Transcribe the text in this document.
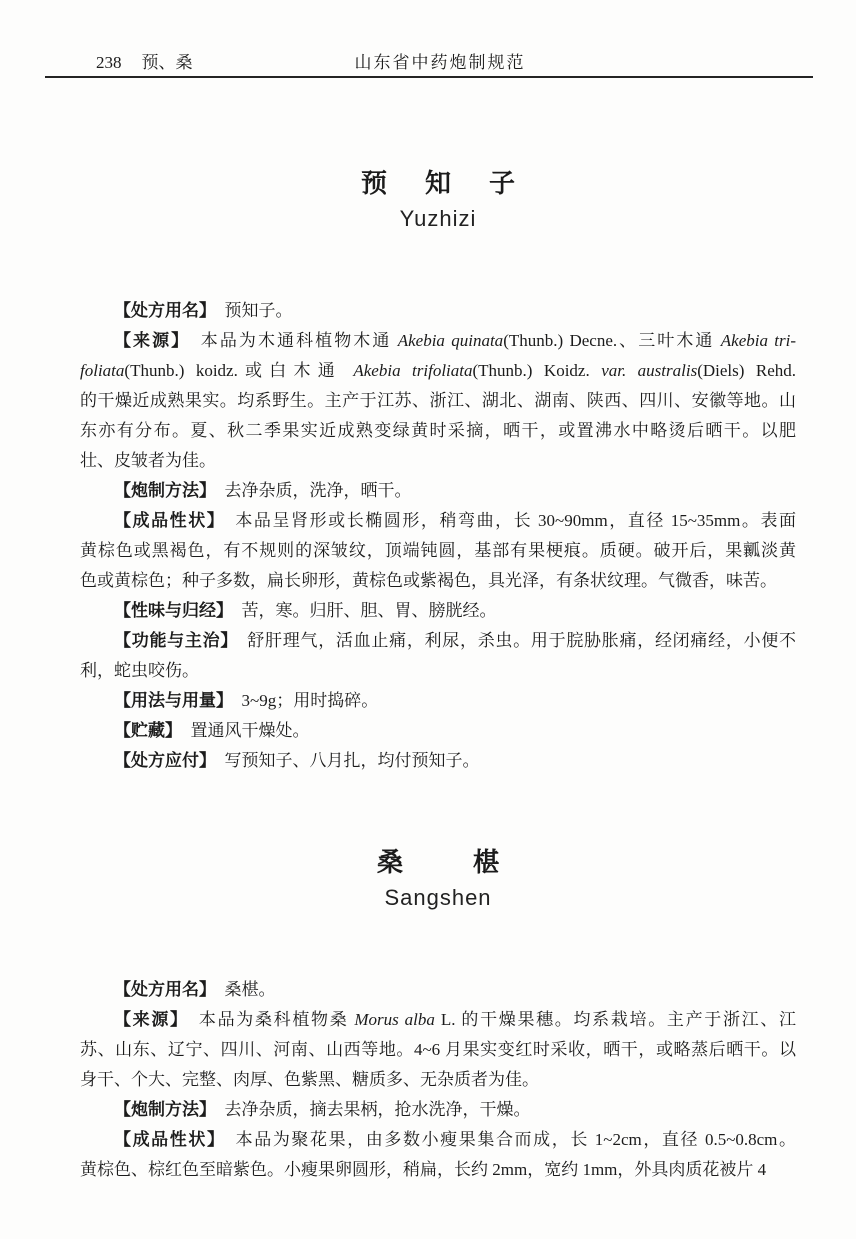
238 预、桑	山东省中药炮制规范
预　知　子
Yuzhizi
【处方用名】　预知子。
【来源】　本品为木通科植物木通 Akebia quinata(Thunb.) Decne.、三叶木通 Akebia tri-
foliata(Thunb.) koidz.或白木通 Akebia trifoliata(Thunb.) Koidz. var. australis(Diels) Rehd.
的干燥近成熟果实。均系野生。主产于江苏、浙江、湖北、湖南、陕西、四川、安徽等地。山
东亦有分布。夏、秋二季果实近成熟变绿黄时采摘，晒干，或置沸水中略烫后晒干。以肥
壮、皮皱者为佳。
【炮制方法】　去净杂质，洗净，晒干。
【成品性状】　本品呈肾形或长椭圆形，稍弯曲，长 30~90mm，直径 15~35mm。表面
黄棕色或黑褐色，有不规则的深皱纹，顶端钝圆，基部有果梗痕。质硬。破开后，果瓤淡黄
色或黄棕色；种子多数，扁长卵形，黄棕色或紫褐色，具光泽，有条状纹理。气微香，味苦。
【性味与归经】　苦，寒。归肝、胆、胃、膀胱经。
【功能与主治】　舒肝理气，活血止痛，利尿，杀虫。用于脘胁胀痛，经闭痛经，小便不
利，蛇虫咬伤。
【用法与用量】　3~9g；用时捣碎。
【贮藏】　置通风干燥处。
【处方应付】　写预知子、八月扎，均付预知子。
桑　　椹
Sangshen
【处方用名】　桑椹。
【来源】　本品为桑科植物桑 Morus alba L. 的干燥果穗。均系栽培。主产于浙江、江
苏、山东、辽宁、四川、河南、山西等地。4~6 月果实变红时采收，晒干，或略蒸后晒干。以
身干、个大、完整、肉厚、色紫黑、糖质多、无杂质者为佳。
【炮制方法】　去净杂质，摘去果柄，抢水洗净，干燥。
【成品性状】　本品为聚花果，由多数小瘦果集合而成，长 1~2cm，直径 0.5~0.8cm。
黄棕色、棕红色至暗紫色。小瘦果卵圆形，稍扁，长约 2mm，宽约 1mm，外具肉质花被片 4
